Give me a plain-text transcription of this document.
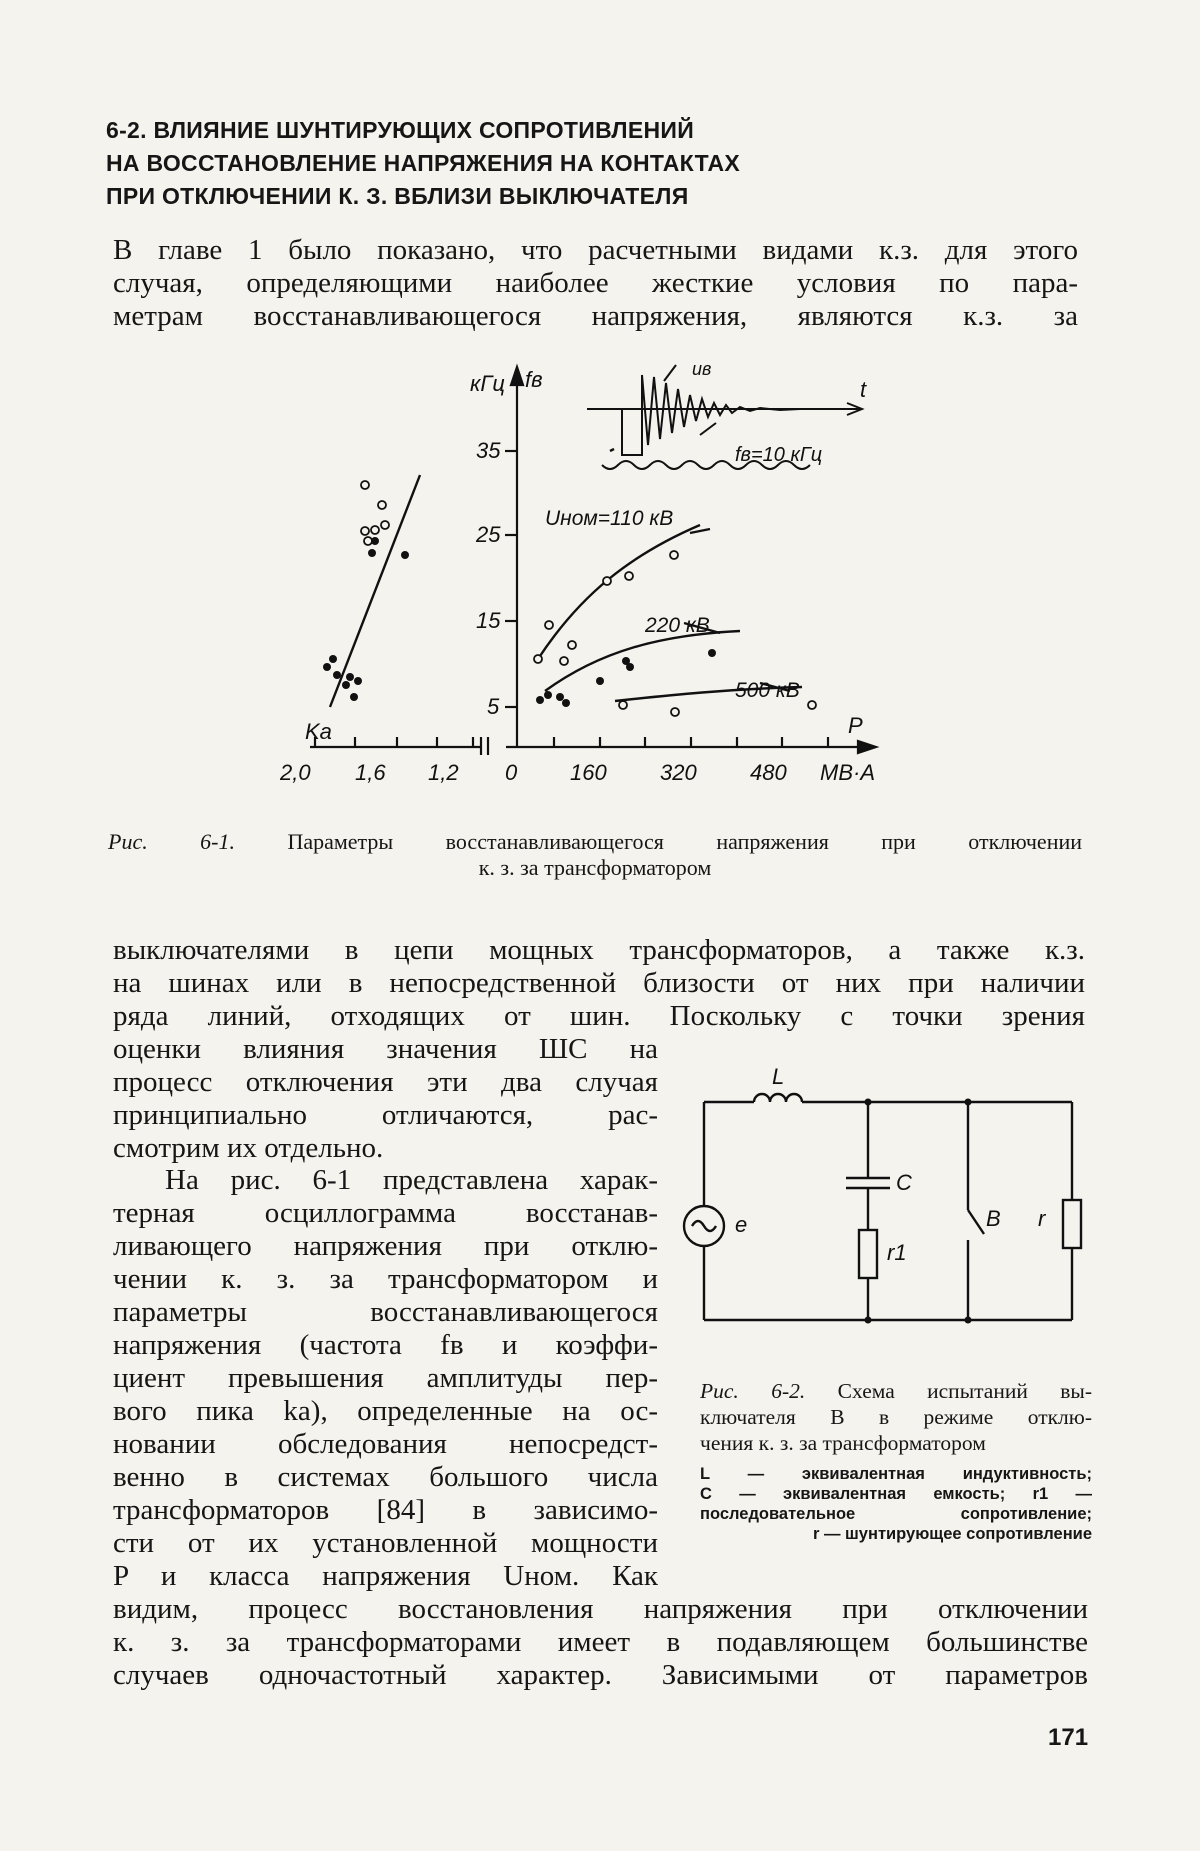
6-2. ВЛИЯНИЕ ШУНТИРУЮЩИХ СОПРОТИВЛЕНИЙ
НА ВОССТАНОВЛЕНИЕ НАПРЯЖЕНИЯ НА КОНТАКТАХ
ПРИ ОТКЛЮЧЕНИИ К. З. ВБЛИЗИ ВЫКЛЮЧАТЕЛЯ
В главе 1 было показано, что расчетными видами к.з. для этого
случая, определяющими наиболее жесткие условия по пара-
метрам восстанавливающегося напряжения, являются к.з. за
кГц fв
35
25
15
5
0 160 320 480 МВ·А
2,0 1,6 1,2
Ka	P
uв
t
fв=10 кГц
Uном=110 кВ
220 кВ
500 кВ
Рис. 6-1. Параметры восстанавливающегося напряжения при отключении
к. з. за трансформатором
выключателями в цепи мощных трансформаторов, а также к.з.
на шинах или в непосредственной близости от них при наличии
ряда линий, отходящих от шин. Поскольку с точки зрения
оценки влияния значения ШС на
процесс отключения эти два случая
принципиально отличаются, рас-
смотрим их отдельно.
На рис. 6-1 представлена харак-
терная осциллограмма восстанав-
ливающего напряжения при отклю-
чении к. з. за трансформатором и
параметры восстанавливающегося
напряжения (частота fв и коэффи-
циент превышения амплитуды пер-
вого пика kа), определенные на ос-
новании обследования непосредст-
венно в системах большого числа
трансформаторов [84] в зависимо-
сти от их установленной мощности
P и класса напряжения Uном. Как
L
C
r1
e	B r
Рис. 6-2. Схема испытаний вы-
ключателя В в режиме отклю-
чения к. з. за трансформатором
L — эквивалентная индуктивность;
C — эквивалентная емкость; r1 —
последовательное сопротивление;
r — шунтирующее сопротивление
видим, процесс восстановления напряжения при отключении
к. з. за трансформаторами имеет в подавляющем большинстве
случаев одночастотный характер. Зависимыми от параметров
171
